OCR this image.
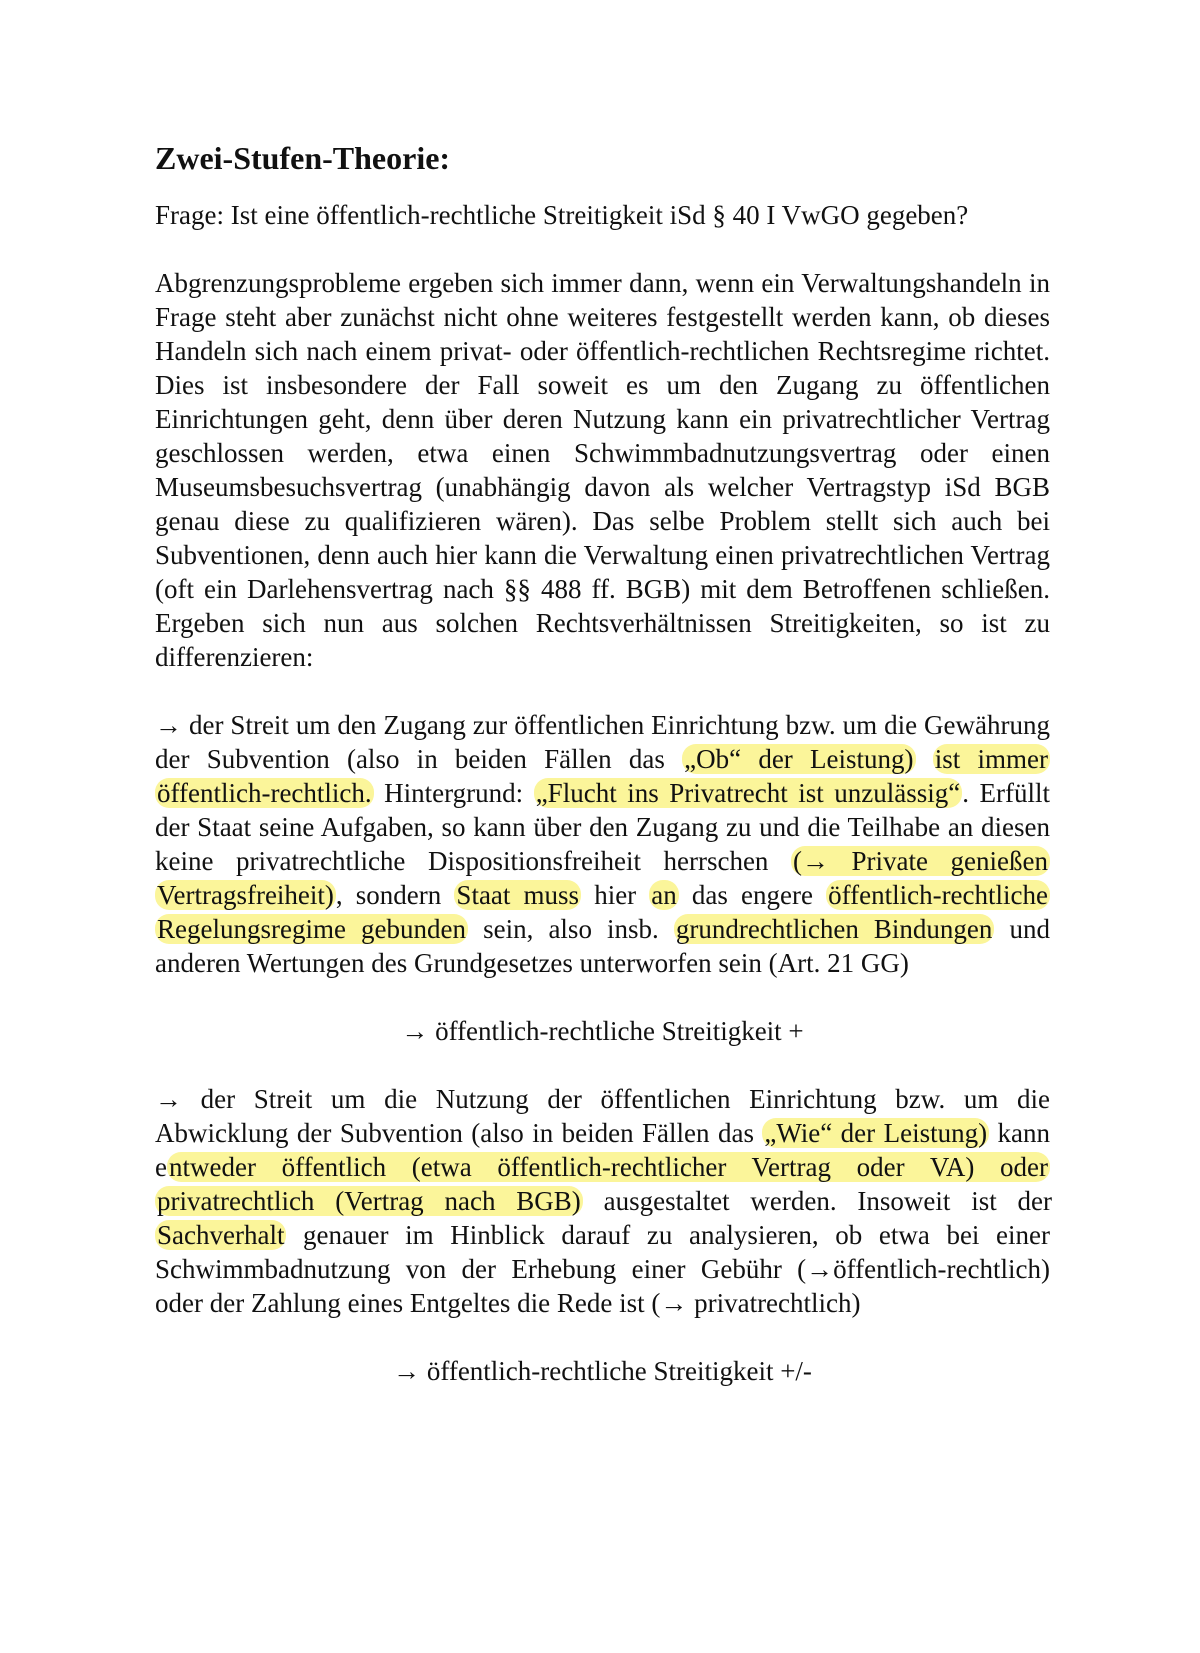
Zwei-Stufen-Theorie:

Frage: Ist eine öffentlich-rechtliche Streitigkeit iSd § 40 I VwGO gegeben?

Abgrenzungsprobleme ergeben sich immer dann, wenn ein Verwaltungshandeln in Frage steht aber zunächst nicht ohne weiteres festgestellt werden kann, ob dieses Handeln sich nach einem privat- oder öffentlich-rechtlichen Rechtsregime richtet. Dies ist insbesondere der Fall soweit es um den Zugang zu öffentlichen Einrichtungen geht, denn über deren Nutzung kann ein privatrechtlicher Vertrag geschlossen werden, etwa einen Schwimmbadnutzungsvertrag oder einen Museumsbesuchsvertrag (unabhängig davon als welcher Vertragstyp iSd BGB genau diese zu qualifizieren wären). Das selbe Problem stellt sich auch bei Subventionen, denn auch hier kann die Verwaltung einen privatrechtlichen Vertrag (oft ein Darlehensvertrag nach §§ 488 ff. BGB) mit dem Betroffenen schließen. Ergeben sich nun aus solchen Rechtsverhältnissen Streitigkeiten, so ist zu differenzieren:

→ der Streit um den Zugang zur öffentlichen Einrichtung bzw. um die Gewährung der Subvention (also in beiden Fällen das „Ob“ der Leistung) ist immer öffentlich-rechtlich. Hintergrund: „Flucht ins Privatrecht ist unzulässig“. Erfüllt der Staat seine Aufgaben, so kann über den Zugang zu und die Teilhabe an diesen keine privatrechtliche Dispositionsfreiheit herrschen (→ Private genießen Vertragsfreiheit), sondern Staat muss hier an das engere öffentlich-rechtliche Regelungsregime gebunden sein, also insb. grundrechtlichen Bindungen und anderen Wertungen des Grundgesetzes unterworfen sein (Art. 21 GG)

→ öffentlich-rechtliche Streitigkeit +

→ der Streit um die Nutzung der öffentlichen Einrichtung bzw. um die Abwicklung der Subvention (also in beiden Fällen das „Wie“ der Leistung) kann entweder öffentlich (etwa öffentlich-rechtlicher Vertrag oder VA) oder privatrechtlich (Vertrag nach BGB) ausgestaltet werden. Insoweit ist der Sachverhalt genauer im Hinblick darauf zu analysieren, ob etwa bei einer Schwimmbadnutzung von der Erhebung einer Gebühr (→öffentlich-rechtlich) oder der Zahlung eines Entgeltes die Rede ist (→ privatrechtlich)

→ öffentlich-rechtliche Streitigkeit +/-
